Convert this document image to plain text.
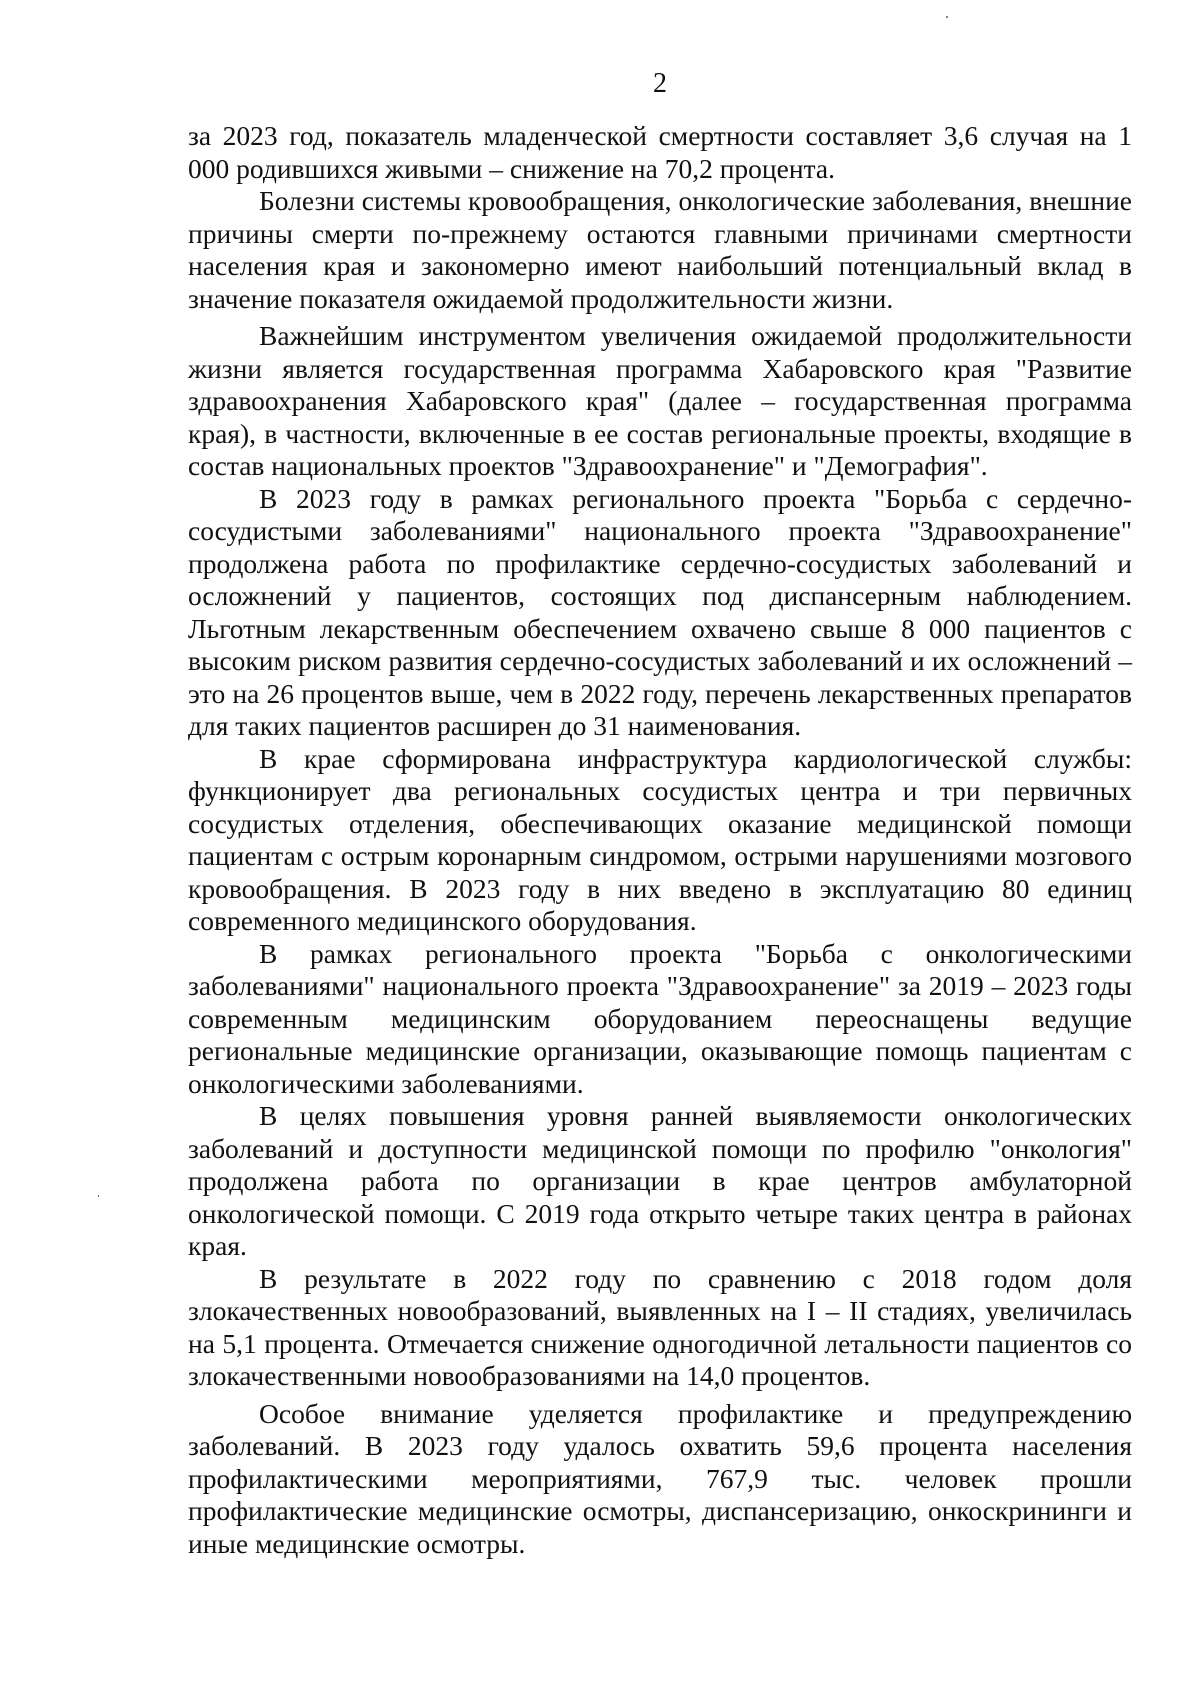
2

за 2023 год, показатель младенческой смертности составляет 3,6 случая на 1 000 родившихся живыми – снижение на 70,2 процента.

Болезни системы кровообращения, онкологические заболевания, внешние причины смерти по-прежнему остаются главными причинами смертности населения края и закономерно имеют наибольший потенциальный вклад в значение показателя ожидаемой продолжительности жизни.

Важнейшим инструментом увеличения ожидаемой продолжительности жизни является государственная программа Хабаровского края "Развитие здравоохранения Хабаровского края" (далее – государственная программа края), в частности, включенные в ее состав региональные проекты, входящие в состав национальных проектов "Здравоохранение" и "Демография".

В 2023 году в рамках регионального проекта "Борьба с сердечно-сосудистыми заболеваниями" национального проекта "Здравоохранение" продолжена работа по профилактике сердечно-сосудистых заболеваний и осложнений у пациентов, состоящих под диспансерным наблюдением. Льготным лекарственным обеспечением охвачено свыше 8 000 пациентов с высоким риском развития сердечно-сосудистых заболеваний и их осложнений – это на 26 процентов выше, чем в 2022 году, перечень лекарственных препаратов для таких пациентов расширен до 31 наименования.

В крае сформирована инфраструктура кардиологической службы: функционирует два региональных сосудистых центра и три первичных сосудистых отделения, обеспечивающих оказание медицинской помощи пациентам с острым коронарным синдромом, острыми нарушениями мозгового кровообращения. В 2023 году в них введено в эксплуатацию 80 единиц современного медицинского оборудования.

В рамках регионального проекта "Борьба с онкологическими заболеваниями" национального проекта "Здравоохранение" за 2019 – 2023 годы современным медицинским оборудованием переоснащены ведущие региональные медицинские организации, оказывающие помощь пациентам с онкологическими заболеваниями.

В целях повышения уровня ранней выявляемости онкологических заболеваний и доступности медицинской помощи по профилю "онкология" продолжена работа по организации в крае центров амбулаторной онкологической помощи. С 2019 года открыто четыре таких центра в районах края.

В результате в 2022 году по сравнению с 2018 годом доля злокачественных новообразований, выявленных на I – II стадиях, увеличилась на 5,1 процента. Отмечается снижение одногодичной летальности пациентов со злокачественными новообразованиями на 14,0 процентов.

Особое внимание уделяется профилактике и предупреждению заболеваний. В 2023 году удалось охватить 59,6 процента населения профилактическими мероприятиями, 767,9 тыс. человек прошли профилактические медицинские осмотры, диспансеризацию, онкоскрининги и иные медицинские осмотры.
